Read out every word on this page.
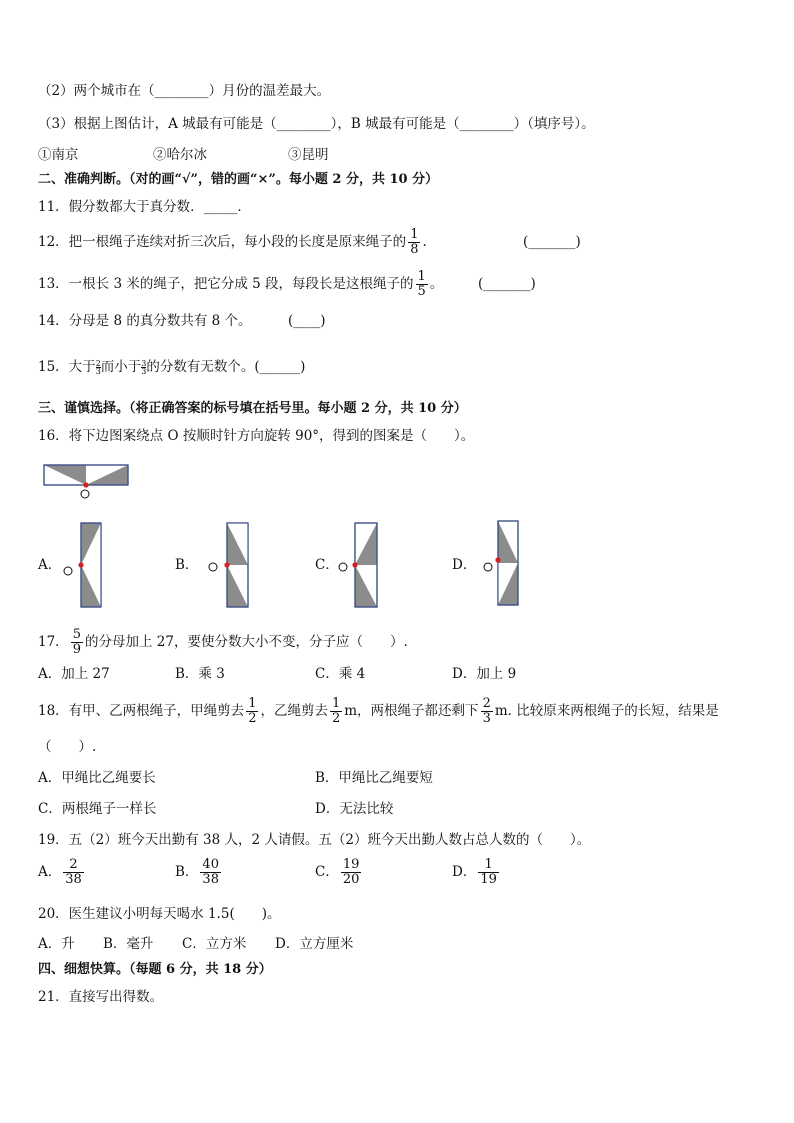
（2）两个城市在（________）月份的温差最大。
（3）根据上图估计，A 城最有可能是（________），B 城最有可能是（________）（填序号）。
①南京	②哈尔冰	③昆明
二、准确判断。（对的画“√”，错的画“×”。每小题 2 分，共 10 分）
11．假分数都大于真分数．_____．
12．把一根绳子连续对折三次后，每小段的长度是原来绳子的 $\frac{1}{8}$ .	(_______)
13．一根长 3 米的绳子，把它分成 5 段，每段长是这根绳子的 $\frac{1}{5}$ 。	(_______)
14．分母是 8 的真分数共有 8 个。	(____)
15．大于 $\frac{2}{3}$ 而小于 $\frac{3}{3}$ 的分数有无数个。(______)
三、谨慎选择。（将正确答案的标号填在括号里。每小题 2 分，共 10 分）
16．将下边图案绕点 O 按顺时针方向旋转 90°，得到的图案是（　　）。
A．	B．	C．	D．
17． $\frac{5}{9}$ 的分母加上 27，要使分数大小不变，分子应（　　）.
A．加上 27	B．乘 3	C．乘 4	D．加上 9
18．有甲、乙两根绳子，甲绳剪去 $\frac{1}{2}$ ，乙绳剪去 $\frac{1}{2}$ m，两根绳子都还剩下 $\frac{2}{3} m$. 比较原来两根绳子的长短，结果是
（　　）.
A．甲绳比乙绳要长	B．甲绳比乙绳要短
C．两根绳子一样长	D．无法比较
19．五（2）班今天出勤有 38 人，2 人请假。五（2）班今天出勤人数占总人数的（　　）。
A． $\frac{2}{38}$	B． $\frac{40}{38}$	C． $\frac{19}{20}$	D． $\frac{1}{19}$
20．医生建议小明每天喝水 1.5(　　)。
A．升 B．毫升 C．立方米 D．立方厘米
四、细想快算。（每题 6 分，共 18 分）
21．直接写出得数。
